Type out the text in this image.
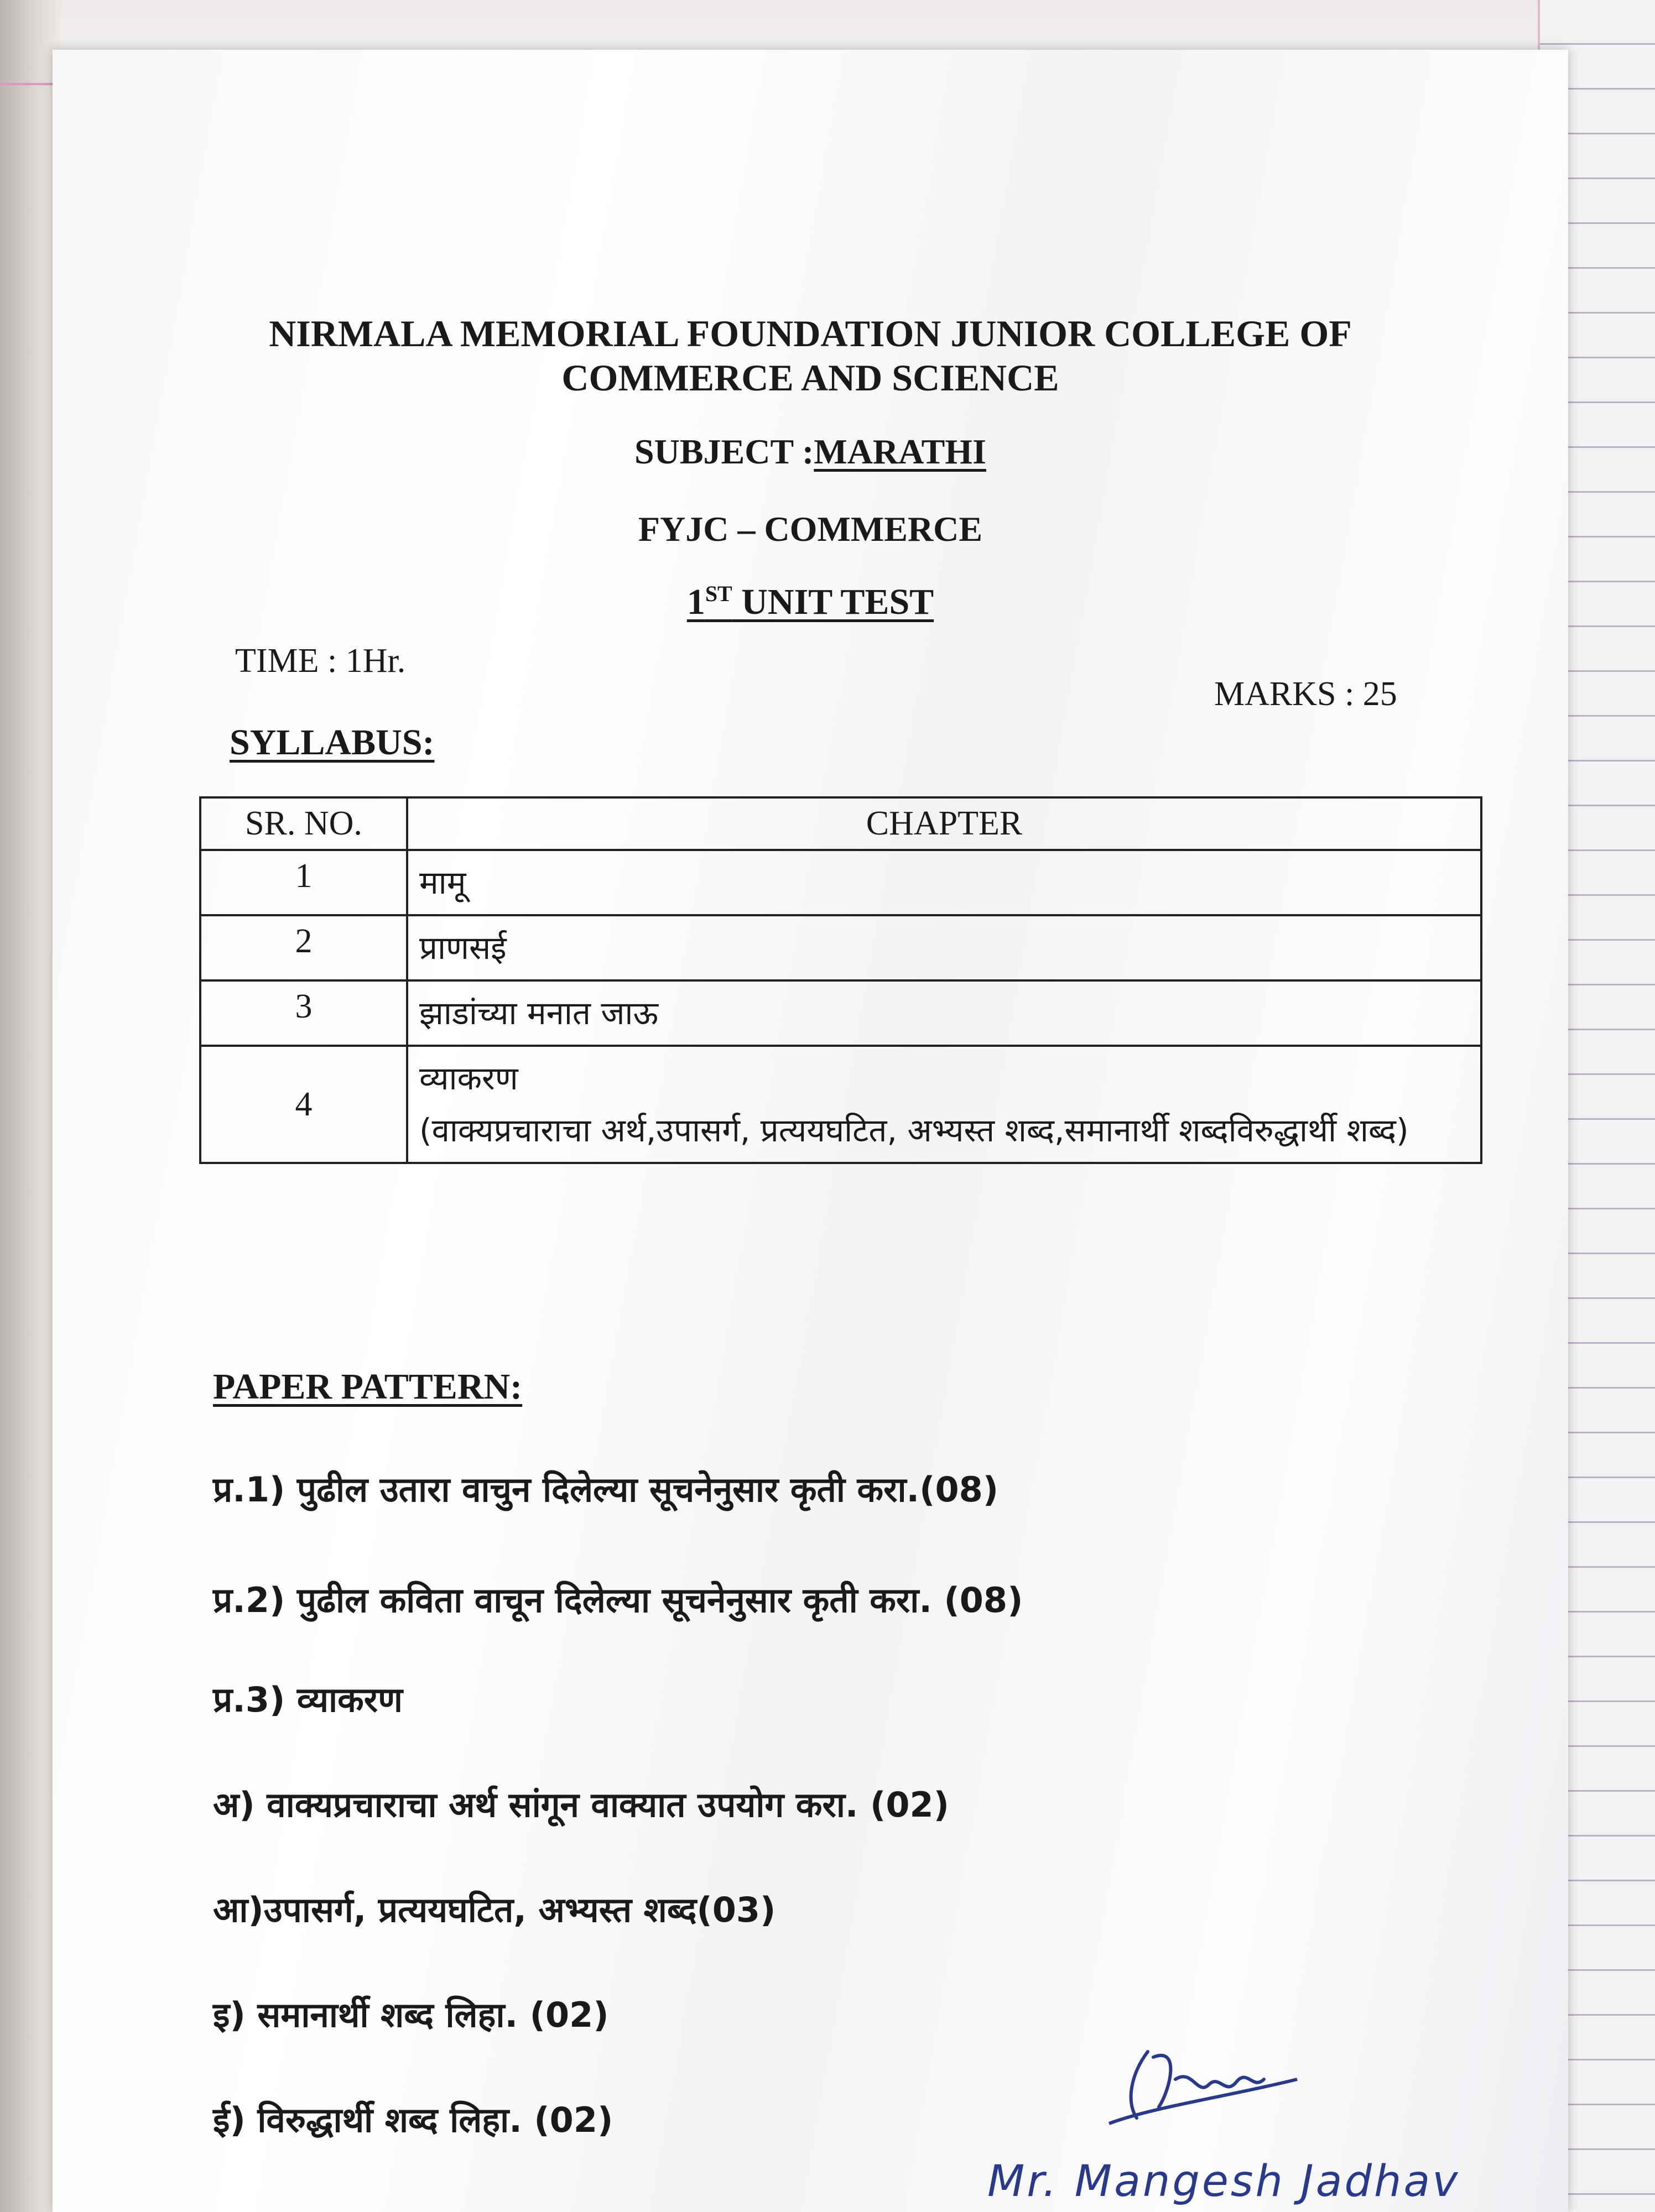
NIRMALA MEMORIAL FOUNDATION JUNIOR COLLEGE OF
COMMERCE AND SCIENCE
SUBJECT :MARATHI
FYJC – COMMERCE
1ST UNIT TEST
TIME : 1Hr.
MARKS : 25
SYLLABUS:
SR. NO.	CHAPTER
1	मामू
2	प्राणसई
3	झाडांच्या मनात जाऊ
4	व्याकरण
(वाक्यप्रचाराचा अर्थ,उपासर्ग, प्रत्ययघटित, अभ्यस्त शब्द,समानार्थी शब्दविरुद्धार्थी शब्द)
PAPER PATTERN:
प्र.1) पुढील उतारा वाचुन दिलेल्या सूचनेनुसार कृती करा.(08)
प्र.2) पुढील कविता वाचून दिलेल्या सूचनेनुसार कृती करा. (08)
प्र.3) व्याकरण
अ) वाक्यप्रचाराचा अर्थ सांगून वाक्यात उपयोग करा. (02)
आ)उपासर्ग, प्रत्ययघटित, अभ्यस्त शब्द(03)
इ) समानार्थी शब्द लिहा. (02)
ई) विरुद्धार्थी शब्द लिहा. (02)
Mr. Mangesh Jadhav
